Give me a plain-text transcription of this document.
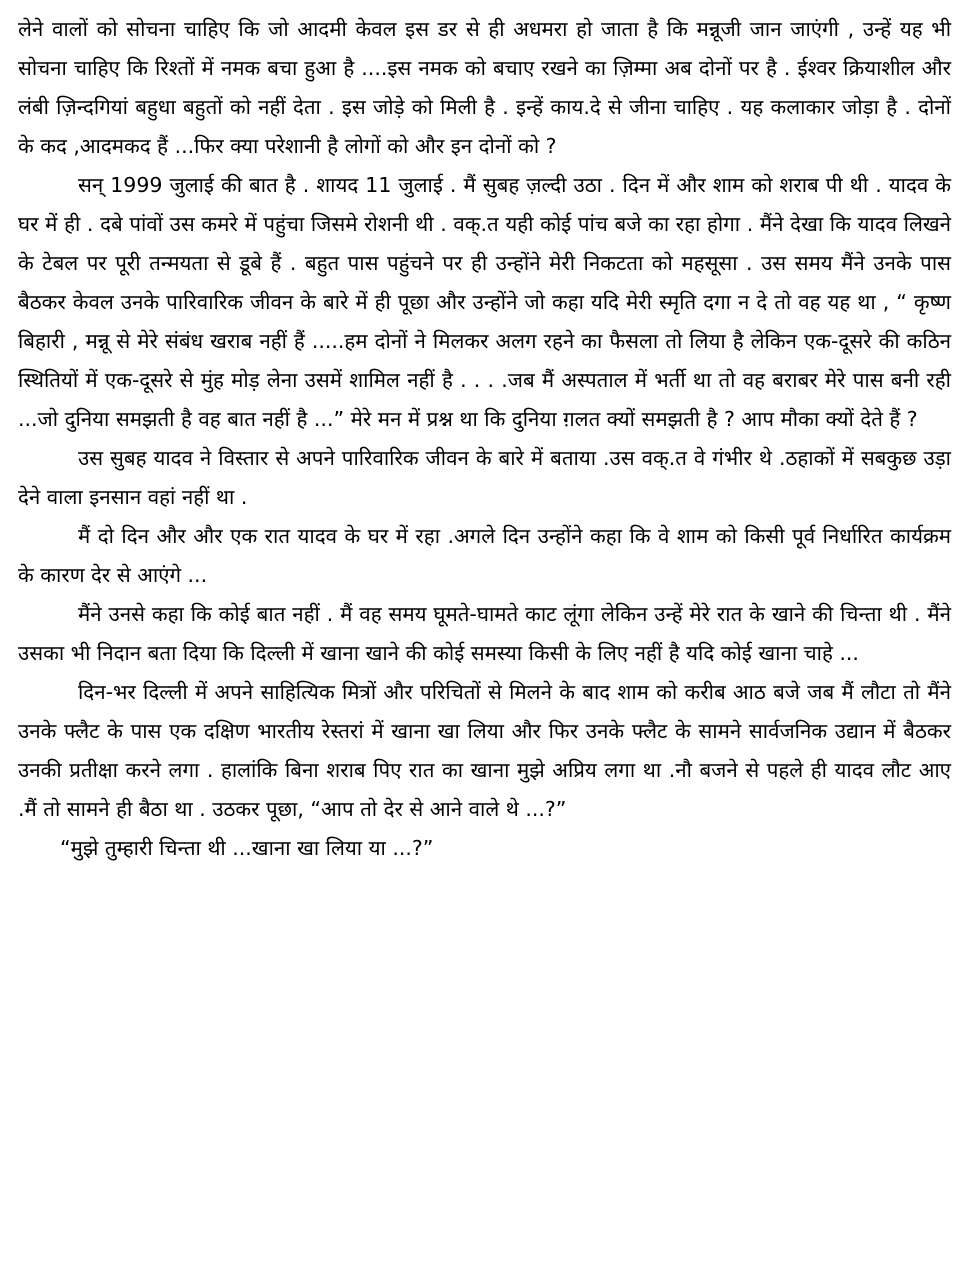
लेने वालों को सोचना चाहिए कि जो आदमी केवल इस डर से ही अधमरा हो जाता है कि मन्नूजी जान जाएंगी , उन्हें यह भी सोचना चाहिए कि रिश्तों में नमक बचा हुआ है ....इस नमक को बचाए रखने का ज़िम्मा अब दोनों पर है . ईश्वर क्रियाशील और लंबी ज़िन्दगियां बहुधा बहुतों को नहीं देता . इस जोड़े को मिली है . इन्हें काय.दे से जीना चाहिए . यह कलाकार जोड़ा है . दोनों के कद ,आदमकद हैं ...फिर क्या परेशानी है लोगों को और इन दोनों को ?

सन् 1999 जुलाई की बात है . शायद 11 जुलाई . मैं सुबह ज़ल्दी उठा . दिन में और शाम को शराब पी थी . यादव के घर में ही . दबे पांवों उस कमरे में पहुंचा जिसमे रोशनी थी . वक्.त यही कोई पांच बजे का रहा होगा . मैंने देखा कि यादव लिखने के टेबल पर पूरी तन्मयता से डूबे हैं . बहुत पास पहुंचने पर ही उन्होंने मेरी निकटता को महसूसा . उस समय मैंने उनके पास बैठकर केवल उनके पारिवारिक जीवन के बारे में ही पूछा और उन्होंने जो कहा यदि मेरी स्मृति दगा न दे तो वह यह था , “ कृष्ण बिहारी , मन्नू से मेरे संबंध खराब नहीं हैं .....हम दोनों ने मिलकर अलग रहने का फैसला तो लिया है लेकिन एक-दूसरे की कठिन स्थितियों में एक-दूसरे से मुंह मोड़ लेना उसमें शामिल नहीं है . . . .जब मैं अस्पताल में भर्ती था तो वह बराबर मेरे पास बनी रही ...जो दुनिया समझती है वह बात नहीं है ...” मेरे मन में प्रश्न था कि दुनिया ग़लत क्यों समझती है ? आप मौका क्यों देते हैं ?

उस सुबह यादव ने विस्तार से अपने पारिवारिक जीवन के बारे में बताया .उस वक्.त वे गंभीर थे .ठहाकों में सबकुछ उड़ा देने वाला इनसान वहां नहीं था .

मैं दो दिन और और एक रात यादव के घर में रहा .अगले दिन उन्होंने कहा कि वे शाम को किसी पूर्व निर्धारित कार्यक्रम के कारण देर से आएंगे ...

मैंने उनसे कहा कि कोई बात नहीं . मैं वह समय घूमते-घामते काट लूंगा लेकिन उन्हें मेरे रात के खाने की चिन्ता थी . मैंने उसका भी निदान बता दिया कि दिल्ली में खाना खाने की कोई समस्या किसी के लिए नहीं है यदि कोई खाना चाहे ...

दिन-भर दिल्ली में अपने साहित्यिक मित्रों और परिचितों से मिलने के बाद शाम को करीब आठ बजे जब मैं लौटा तो मैंने उनके फ्लैट के पास एक दक्षिण भारतीय रेस्तरां में खाना खा लिया और फिर उनके फ्लैट के सामने सार्वजनिक उद्यान में बैठकर उनकी प्रतीक्षा करने लगा . हालांकि बिना शराब पिए रात का खाना मुझे अप्रिय लगा था .नौ बजने से पहले ही यादव लौट आए .मैं तो सामने ही बैठा था . उठकर पूछा, “आप तो देर से आने वाले थे ...?”

“मुझे तुम्हारी चिन्ता थी ...खाना खा लिया या ...?”
